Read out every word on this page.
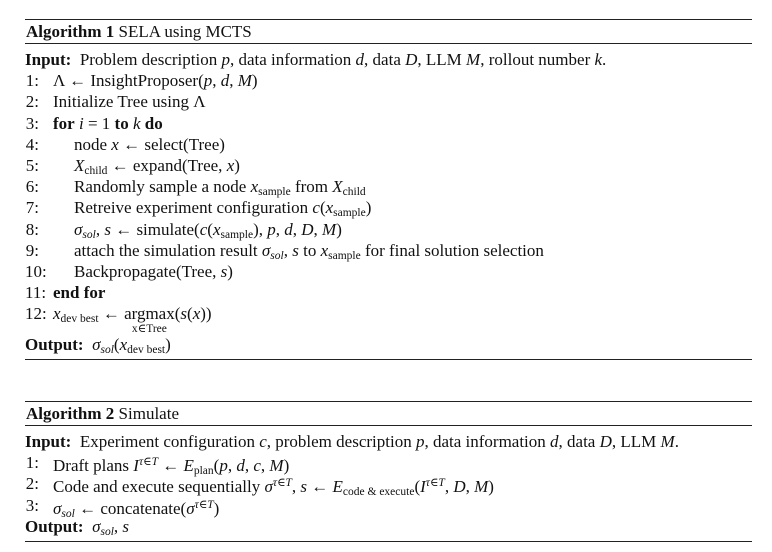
Algorithm 1 SELA using MCTS
Input: Problem description p, data information d, data D, LLM M, rollout number k.
1: Λ ← InsightProposer(p, d, M)
2: Initialize Tree using Λ
3: for i = 1 to k do
4: node x ← select(Tree)
5: $X_{child}$ ← expand(Tree, x)
6: Randomly sample a node $x_{sample}$ from $X_{child}$
7: Retreive experiment configuration $c(x_{sample})$
8: σsol, s ← $simulate(c(x_{sample})$, p, d, D, M)
9: attach the simulation result σsol, s to $x_{sample}$ for final solution selection
10: Backpropagate(Tree, s)
11: end for
12: $x_{dev best}$ ← argmax
x∈Tree
(s(x))
Output: $\sigma sol(x_{dev best})$
Algorithm 2 Simulate
Input: Experiment configuration c, problem description p, data information d, data D, LLM M.
1: Draft plans $I^{\tau\in T}$ ← $E_{plan}(p$, d, c, M)
2: Code and execute sequentially $\sigma^{\tau\in T}$, s ← $E_{code \& execute}(I^{\tau\in T}$, D, M)
3: σsol ← $concatenate(\sigma^{\tau\in T})$
Output: σsol, s
